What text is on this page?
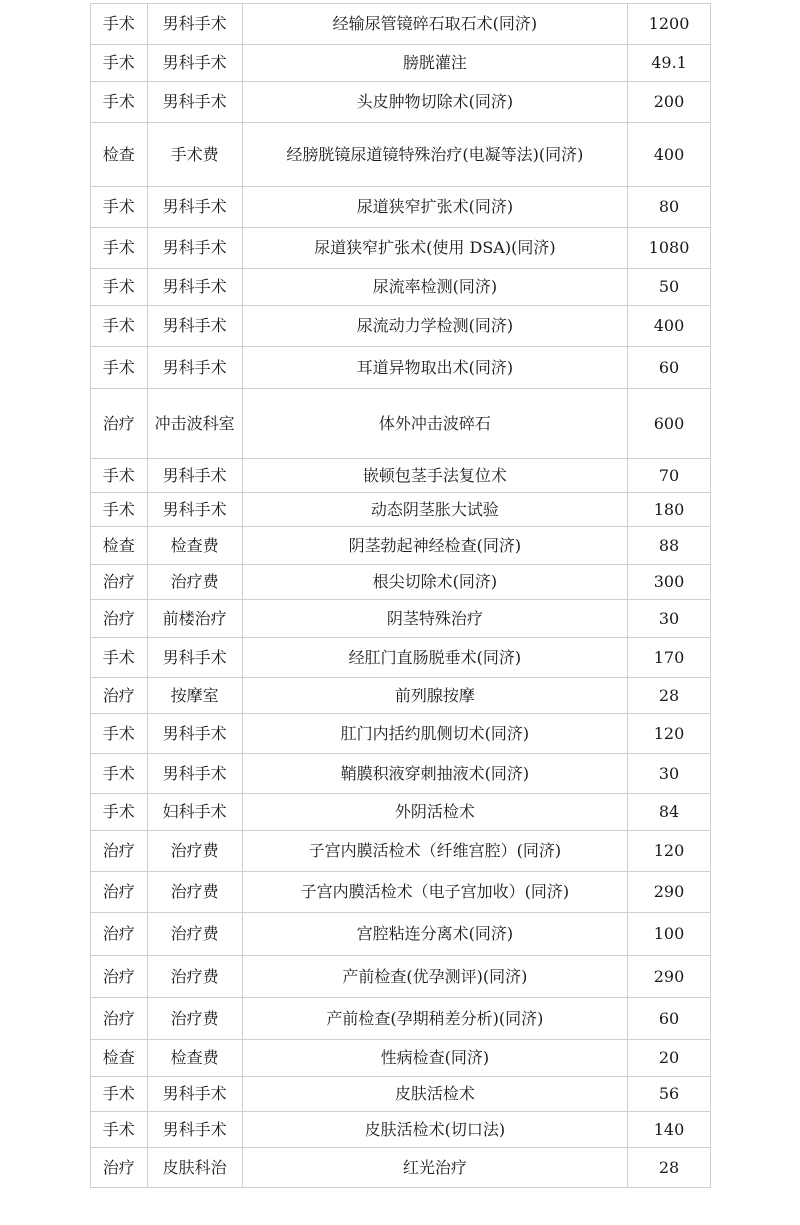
手术	男科手术	经输尿管镜碎石取石术(同济)	1200
手术	男科手术	膀胱灌注	49.1
手术	男科手术	头皮肿物切除术(同济)	200
检查	手术费	经膀胱镜尿道镜特殊治疗(电凝等法)(同济)	400
手术	男科手术	尿道狭窄扩张术(同济)	80
手术	男科手术	尿道狭窄扩张术(使用 DSA)(同济)	1080
手术	男科手术	尿流率检测(同济)	50
手术	男科手术	尿流动力学检测(同济)	400
手术	男科手术	耳道异物取出术(同济)	60
治疗	冲击波科室	体外冲击波碎石	600
手术	男科手术	嵌顿包茎手法复位术	70
手术	男科手术	动态阴茎胀大试验	180
检查	检查费	阴茎勃起神经检查(同济)	88
治疗	治疗费	根尖切除术(同济)	300
治疗	前楼治疗	阴茎特殊治疗	30
手术	男科手术	经肛门直肠脱垂术(同济)	170
治疗	按摩室	前列腺按摩	28
手术	男科手术	肛门内括约肌侧切术(同济)	120
手术	男科手术	鞘膜积液穿刺抽液术(同济)	30
手术	妇科手术	外阴活检术	84
治疗	治疗费	子宫内膜活检术（纤维宫腔）(同济)	120
治疗	治疗费	子宫内膜活检术（电子宫加收）(同济)	290
治疗	治疗费	宫腔粘连分离术(同济)	100
治疗	治疗费	产前检查(优孕测评)(同济)	290
治疗	治疗费	产前检查(孕期稍差分析)(同济)	60
检查	检查费	性病检查(同济)	20
手术	男科手术	皮肤活检术	56
手术	男科手术	皮肤活检术(切口法)	140
治疗	皮肤科治	红光治疗	28
